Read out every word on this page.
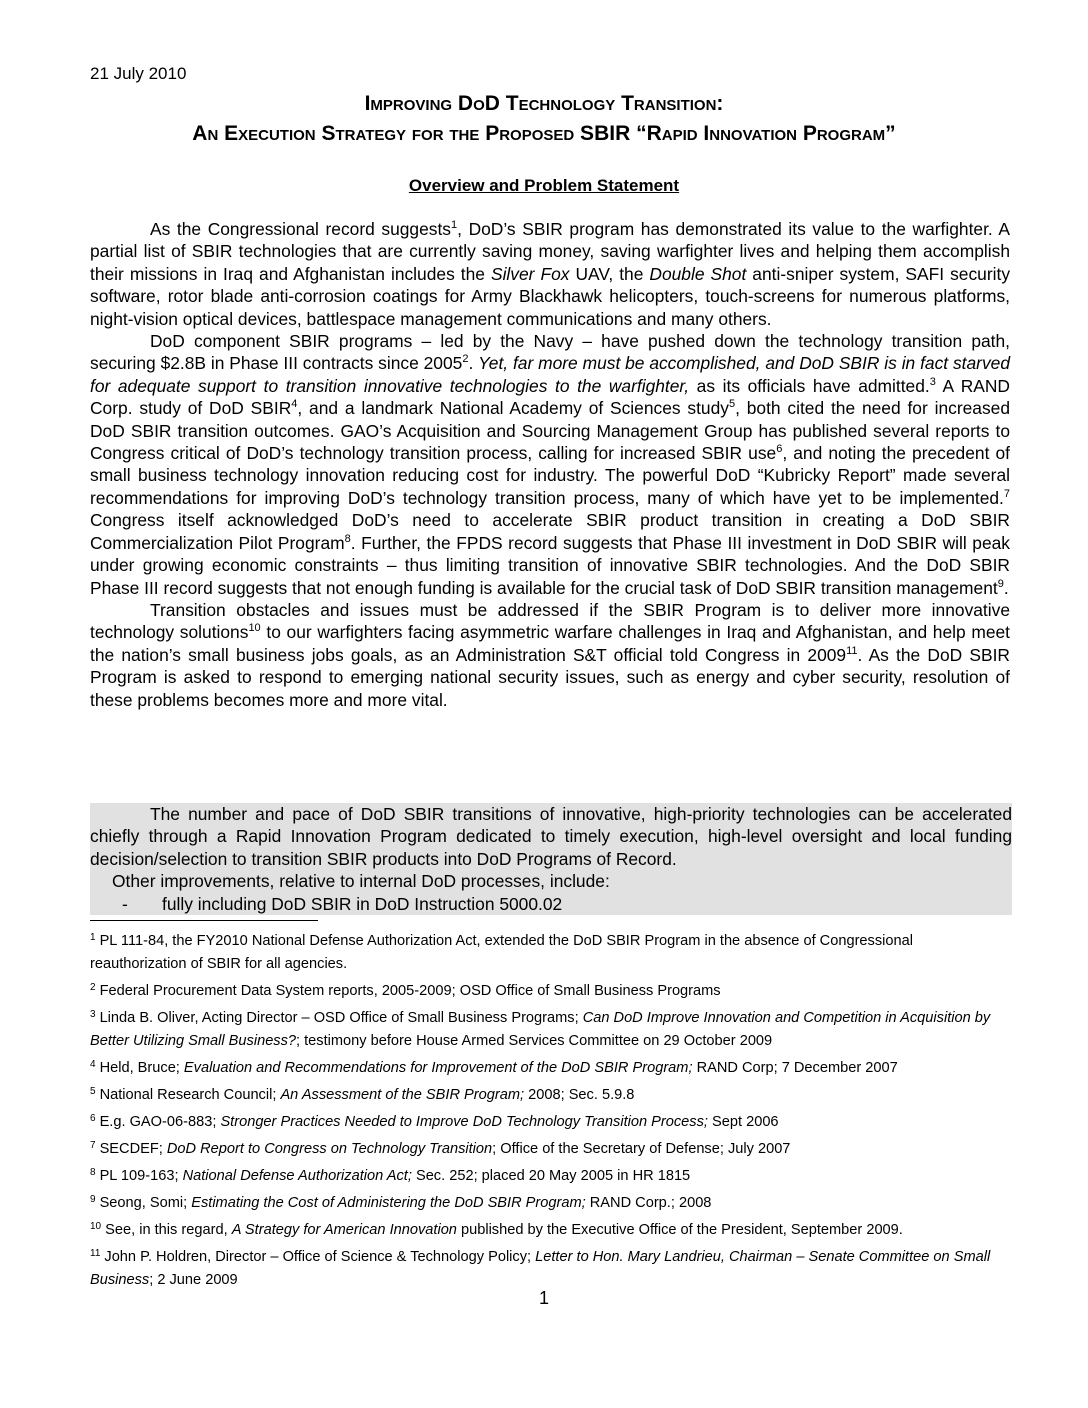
21 July 2010
Improving DoD Technology Transition:
An Execution Strategy for the Proposed SBIR “Rapid Innovation Program”
Overview and Problem Statement

As the Congressional record suggests$^1$, DoD’s SBIR program has demonstrated its value to the warfighter. A partial list of SBIR technologies that are currently saving money, saving warfighter lives and helping them accomplish their missions in Iraq and Afghanistan includes the Silver Fox UAV, the Double Shot anti-sniper system, SAFI security software, rotor blade anti-corrosion coatings for Army Blackhawk helicopters, touch-screens for numerous platforms, night-vision optical devices, battlespace management communications and many others.

DoD component SBIR programs – led by the Navy – have pushed down the technology transition path, securing $2.8B in Phase III contracts since 2005$^2$. Yet, far more must be accomplished, and DoD SBIR is in fact starved for adequate support to transition innovative technologies to the warfighter, as its officials have admitted.$^3$ A RAND Corp. study of DoD SBIR$^4$, and a landmark National Academy of Sciences study$^5$, both cited the need for increased DoD SBIR transition outcomes. GAO’s Acquisition and Sourcing Management Group has published several reports to Congress critical of DoD’s technology transition process, calling for increased SBIR use$^6$, and noting the precedent of small business technology innovation reducing cost for industry. The powerful DoD “Kubricky Report” made several recommendations for improving DoD’s technology transition process, many of which have yet to be implemented.$^7$ Congress itself acknowledged DoD’s need to accelerate SBIR product transition in creating a DoD SBIR Commercialization Pilot Program$^8$. Further, the FPDS record suggests that Phase III investment in DoD SBIR will peak under growing economic constraints – thus limiting transition of innovative SBIR technologies. And the DoD SBIR Phase III record suggests that not enough funding is available for the crucial task of DoD SBIR transition management$^9$.

Transition obstacles and issues must be addressed if the SBIR Program is to deliver more innovative technology solutions$^{10}$ to our warfighters facing asymmetric warfare challenges in Iraq and Afghanistan, and help meet the nation’s small business jobs goals, as an Administration S&T official told Congress in 2009$^{11}$. As the DoD SBIR Program is asked to respond to emerging national security issues, such as energy and cyber security, resolution of these problems becomes more and more vital.

The number and pace of DoD SBIR transitions of innovative, high-priority technologies can be accelerated chiefly through a Rapid Innovation Program dedicated to timely execution, high-level oversight and local funding decision/selection to transition SBIR products into DoD Programs of Record.

Other improvements, relative to internal DoD processes, include:
- fully including DoD SBIR in DoD Instruction 5000.02
$^1$ PL 111-84, the FY2010 National Defense Authorization Act, extended the DoD SBIR Program in the absence of Congressional reauthorization of SBIR for all agencies.
$^2$ Federal Procurement Data System reports, 2005-2009; OSD Office of Small Business Programs
$^3$ Linda B. Oliver, Acting Director – OSD Office of Small Business Programs; Can DoD Improve Innovation and Competition in Acquisition by Better Utilizing Small Business?; testimony before House Armed Services Committee on 29 October 2009
$^4$ Held, Bruce; Evaluation and Recommendations for Improvement of the DoD SBIR Program; RAND Corp; 7 December 2007
$^5$ National Research Council; An Assessment of the SBIR Program; 2008; Sec. 5.9.8
$^6$ E.g. GAO-06-883; Stronger Practices Needed to Improve DoD Technology Transition Process; Sept 2006
$^7$ SECDEF; DoD Report to Congress on Technology Transition; Office of the Secretary of Defense; July 2007
$^8$ PL 109-163; National Defense Authorization Act; Sec. 252; placed 20 May 2005 in HR 1815
$^9$ Seong, Somi; Estimating the Cost of Administering the DoD SBIR Program; RAND Corp.; 2008
$^{10}$ See, in this regard, A Strategy for American Innovation published by the Executive Office of the President, September 2009.
$^{11}$ John P. Holdren, Director – Office of Science & Technology Policy; Letter to Hon. Mary Landrieu, Chairman – Senate Committee on Small Business; 2 June 2009
1
